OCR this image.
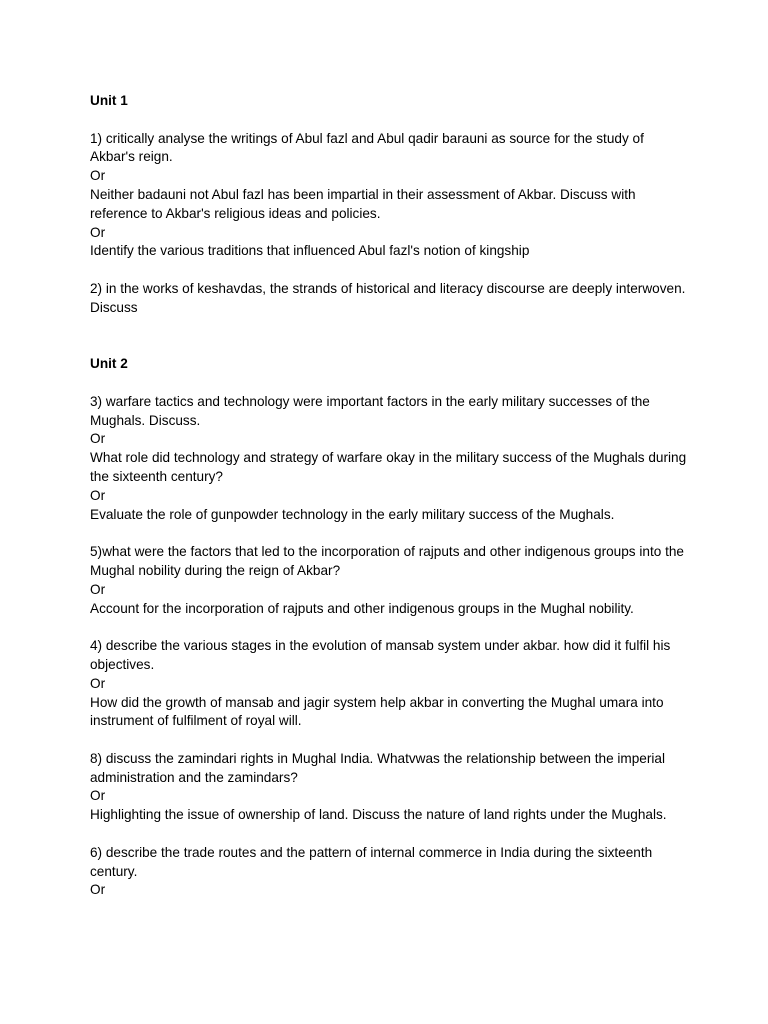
Unit 1

1) critically analyse the writings of Abul fazl and Abul qadir barauni as source for the study of Akbar's reign.

Or

Neither badauni not Abul fazl has been impartial in their assessment of Akbar. Discuss with reference to Akbar's religious ideas and policies.

Or

Identify the various traditions that influenced Abul fazl's notion of kingship

2) in the works of keshavdas, the strands of historical and literacy discourse are deeply interwoven. Discuss

Unit 2

3) warfare tactics and technology were important factors in the early military successes of the Mughals. Discuss.

Or

What role did technology and strategy of warfare okay in the military success of the Mughals during the sixteenth century?

Or

Evaluate the role of gunpowder technology in the early military success of the Mughals.

5)what were the factors that led to the incorporation of rajputs and other indigenous groups into the Mughal nobility during the reign of Akbar?

Or

Account for the incorporation of rajputs and other indigenous groups in the Mughal nobility.

4) describe the various stages in the evolution of mansab system under akbar. how did it fulfil his objectives.

Or

How did the growth of mansab and jagir system help akbar in converting the Mughal umara into instrument of fulfilment of royal will.

8) discuss the zamindari rights in Mughal India. Whatvwas the relationship between the imperial administration and the zamindars?

Or

Highlighting the issue of ownership of land. Discuss the nature of land rights under the Mughals.

6) describe the trade routes and the pattern of internal commerce in India during the sixteenth century.

Or
